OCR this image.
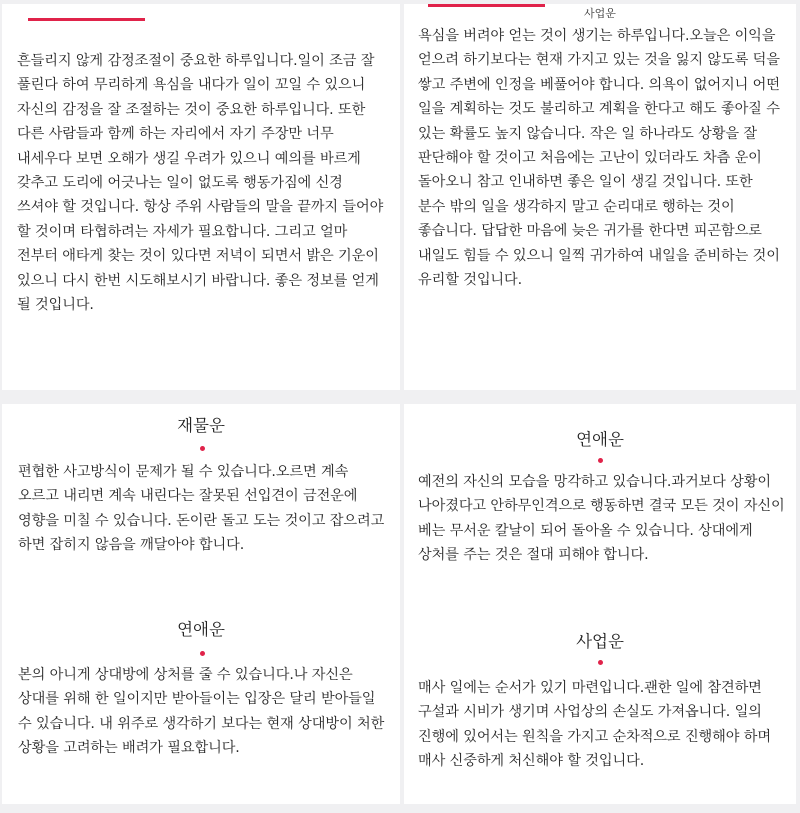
흔들리지 않게 감정조절이 중요한 하루입니다.일이 조금 잘 풀린다 하여 무리하게 욕심을 내다가 일이 꼬일 수 있으니 자신의 감정을 잘 조절하는 것이 중요한 하루입니다. 또한 다른 사람들과 함께 하는 자리에서 자기 주장만 너무 내세우다 보면 오해가 생길 우려가 있으니 예의를 바르게 갖추고 도리에 어긋나는 일이 없도록 행동가짐에 신경 쓰셔야 할 것입니다. 항상 주위 사람들의 말을 끝까지 들어야 할 것이며 타협하려는 자세가 필요합니다. 그리고 얼마 전부터 애타게 찾는 것이 있다면 저녁이 되면서 밝은 기운이 있으니 다시 한번 시도해보시기 바랍니다. 좋은 정보를 얻게 될 것입니다.

사업운

욕심을 버려야 얻는 것이 생기는 하루입니다.오늘은 이익을 얻으려 하기보다는 현재 가지고 있는 것을 잃지 않도록 덕을 쌓고 주변에 인정을 베풀어야 합니다. 의욕이 없어지니 어떤 일을 계획하는 것도 불리하고 계획을 한다고 해도 좋아질 수 있는 확률도 높지 않습니다. 작은 일 하나라도 상황을 잘 판단해야 할 것이고 처음에는 고난이 있더라도 차츰 운이 돌아오니 참고 인내하면 좋은 일이 생길 것입니다. 또한 분수 밖의 일을 생각하지 말고 순리대로 행하는 것이 좋습니다. 답답한 마음에 늦은 귀가를 한다면 피곤함으로 내일도 힘들 수 있으니 일찍 귀가하여 내일을 준비하는 것이 유리할 것입니다.

재물운

편협한 사고방식이 문제가 될 수 있습니다.오르면 계속 오르고 내리면 계속 내린다는 잘못된 선입견이 금전운에 영향을 미칠 수 있습니다. 돈이란 돌고 도는 것이고 잡으려고 하면 잡히지 않음을 깨달아야 합니다.

연애운

본의 아니게 상대방에 상처를 줄 수 있습니다.나 자신은 상대를 위해 한 일이지만 받아들이는 입장은 달리 받아들일 수 있습니다. 내 위주로 생각하기 보다는 현재 상대방이 처한 상황을 고려하는 배려가 필요합니다.

연애운

예전의 자신의 모습을 망각하고 있습니다.과거보다 상황이 나아졌다고 안하무인격으로 행동하면 결국 모든 것이 자신이 베는 무서운 칼날이 되어 돌아올 수 있습니다. 상대에게 상처를 주는 것은 절대 피해야 합니다.

사업운

매사 일에는 순서가 있기 마련입니다.괜한 일에 참견하면 구설과 시비가 생기며 사업상의 손실도 가져옵니다. 일의 진행에 있어서는 원칙을 가지고 순차적으로 진행해야 하며 매사 신중하게 처신해야 할 것입니다.
